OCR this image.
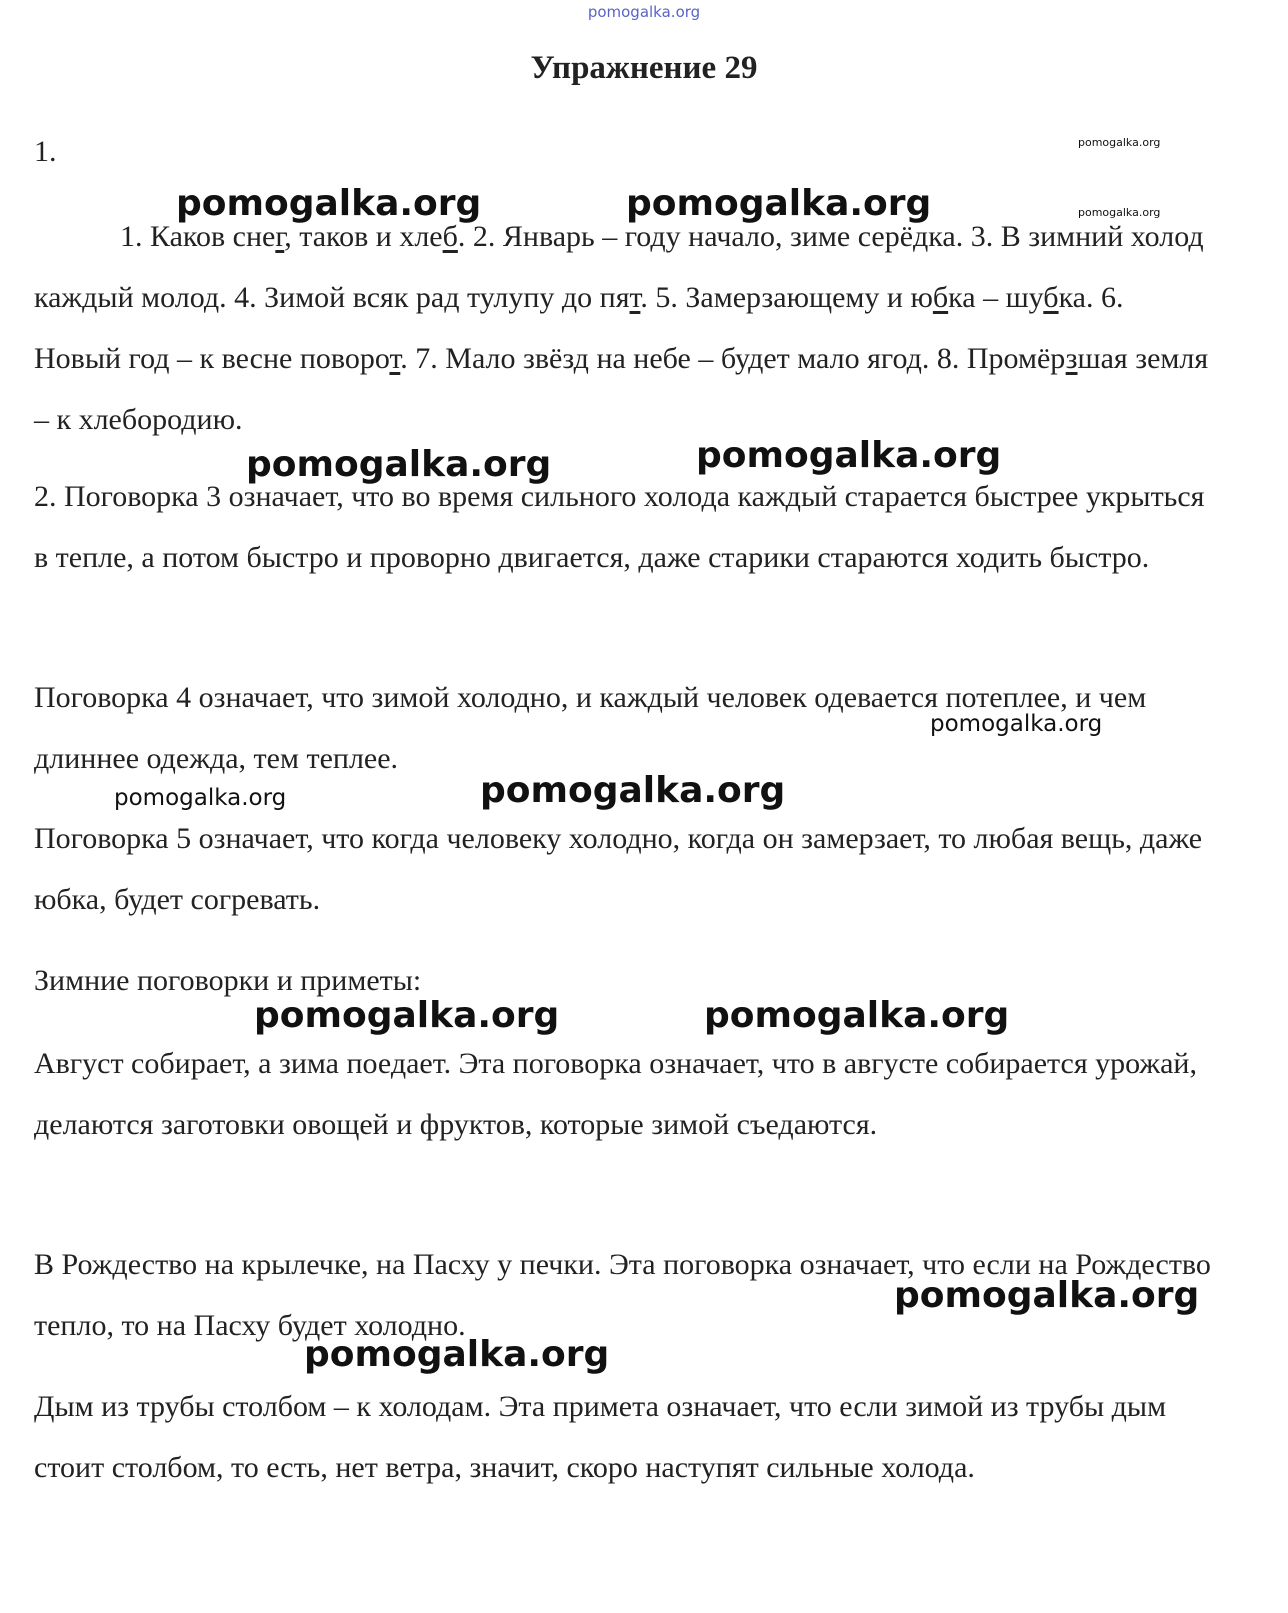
pomogalka.org
Упражнение 29
1.
1. Каков снег, таков и хлеб. 2. Январь – году начало, зиме серёдка. 3. В зимний холод каждый молод. 4. Зимой всяк рад тулупу до пят. 5. Замерзающему и юбка – шубка. 6. Новый год – к весне поворот. 7. Мало звёзд на небе – будет мало ягод. 8. Промёрзшая земля – к хлебородию.
2. Поговорка 3 означает, что во время сильного холода каждый старается быстрее укрыться в тепле, а потом быстро и проворно двигается, даже старики стараются ходить быстро.
Поговорка 4 означает, что зимой холодно, и каждый человек одевается потеплее, и чем длиннее одежда, тем теплее.
Поговорка 5 означает, что когда человеку холодно, когда он замерзает, то любая вещь, даже юбка, будет согревать.
Зимние поговорки и приметы:
Август собирает, а зима поедает. Эта поговорка означает, что в августе собирается урожай, делаются заготовки овощей и фруктов, которые зимой съедаются.
В Рождество на крылечке, на Пасху у печки. Эта поговорка означает, что если на Рождество тепло, то на Пасху будет холодно.
Дым из трубы столбом – к холодам. Эта примета означает, что если зимой из трубы дым стоит столбом, то есть, нет ветра, значит, скоро наступят сильные холода.
pomogalka.org
pomogalka.org
pomogalka.org	pomogalka.org
pomogalka.org	pomogalka.org
pomogalka.org
pomogalka.org	pomogalka.org
pomogalka.org	pomogalka.org
pomogalka.org
pomogalka.org
